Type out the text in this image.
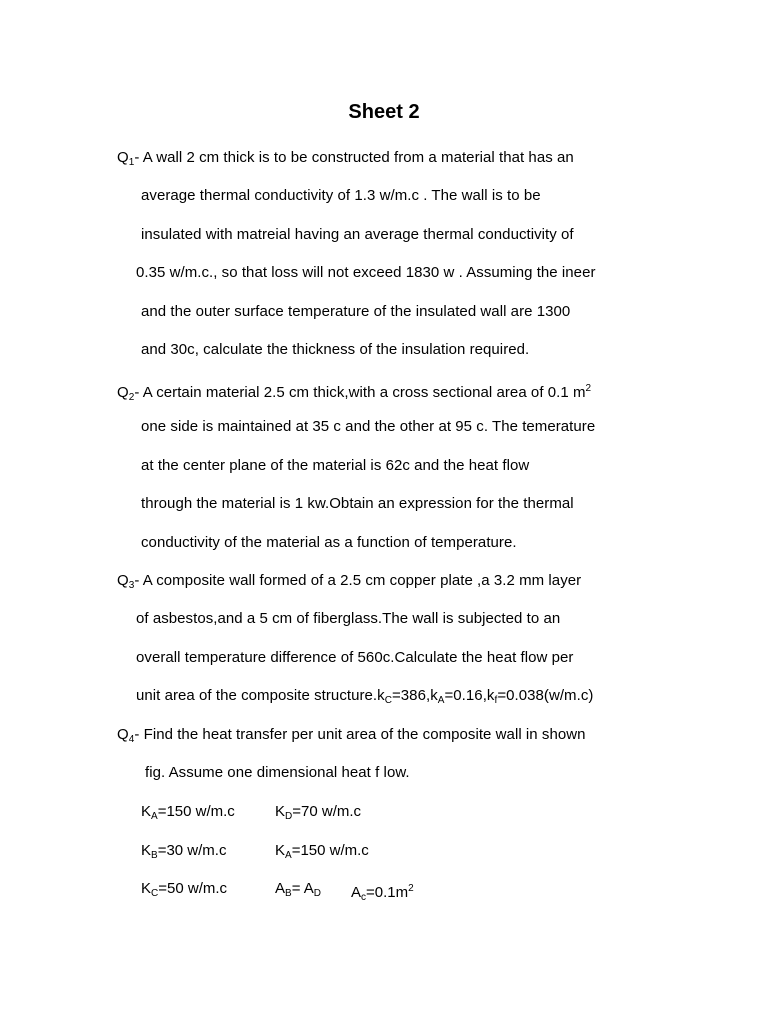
Sheet 2
$Q_1-$ A wall 2 cm thick is to be constructed from a material that has an
average thermal conductivity of 1.3 w/m.c . The wall is to be
insulated with matreial having an average thermal conductivity of
0.35 w/m.c., so that loss will not exceed 1830 w . Assuming the ineer
and the outer surface temperature of the insulated wall are 1300
and 30c, calculate the thickness of the insulation required.
$Q_2-$ A certain material 2.5 cm thick,with a cross sectional area of 0.1 $m^2$
one side is maintained at 35 c and the other at 95 c. The temerature
at the center plane of the material is 62c and the heat flow
through the material is 1 kw.Obtain an expression for the thermal
conductivity of the material as a function of temperature.
$Q_3-$ A composite wall formed of a 2.5 cm copper plate ,a 3.2 mm layer
of asbestos,and a 5 cm of fiberglass.The wall is subjected to an
overall temperature difference of 560c.Calculate the heat flow per
unit area of the composite $structure.k_C=386,k_A=0.16,k_f=0.038(w/m.c)$
$Q_4-$ Find the heat transfer per unit area of the composite wall in shown
fig. Assume one dimensional heat f low.
$K_A=150$ w/m.c	$K_D=70$ w/m.c
$K_B=30$ w/m.c	$K_A=150$ w/m.c
$K_C=50$ w/m.c	$A_B= A_D$ $A_c=0.1m^2$
